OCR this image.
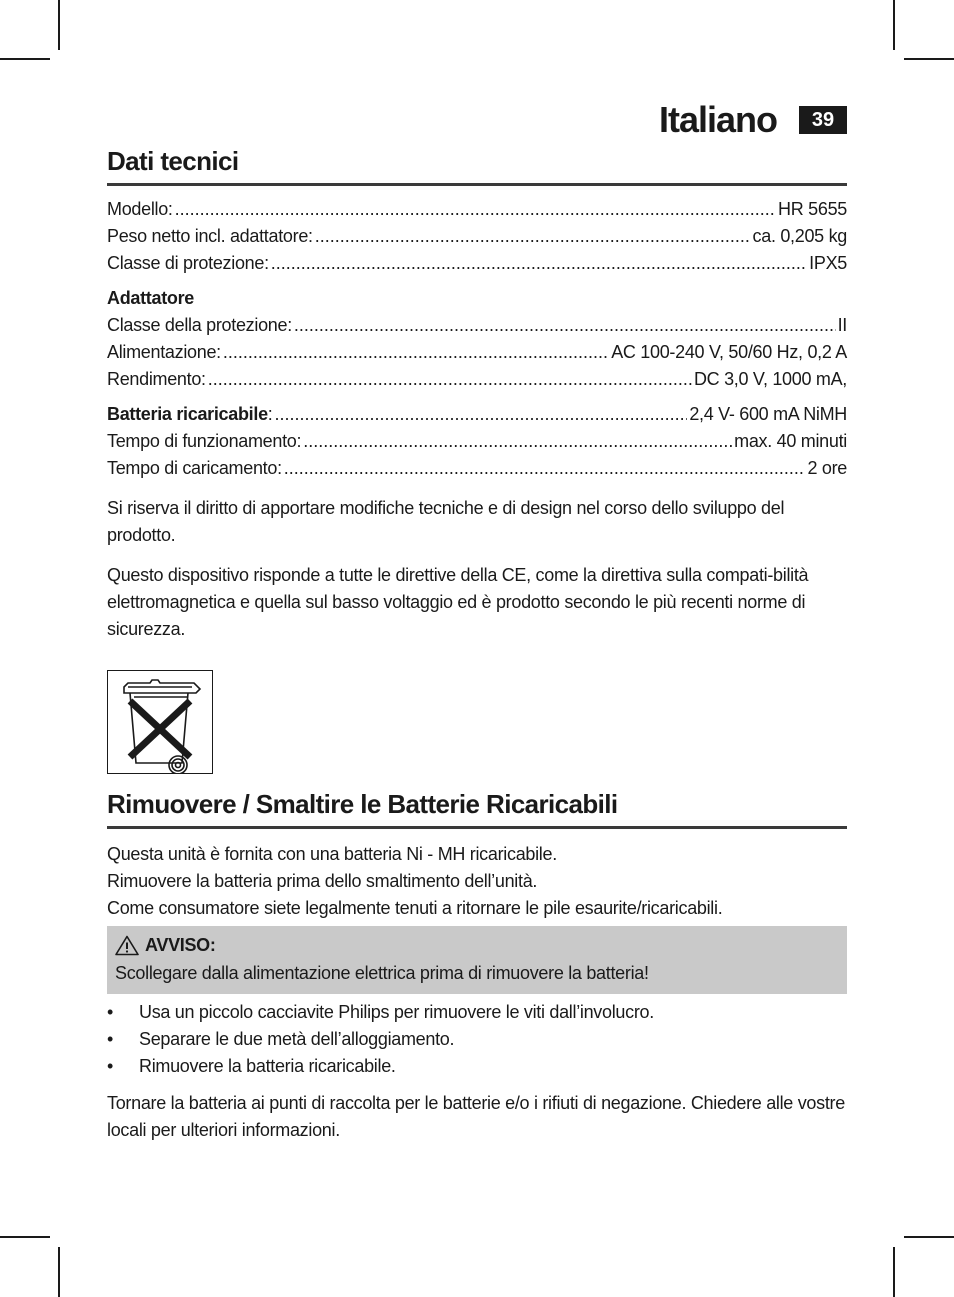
Italiano	39
Dati tecnici
Modello: .....	HR 5655
Peso netto incl. adattatore: .....	ca. 0,205 kg
Classe di protezione: .....	IPX5
Adattatore
Classe della protezione: .....	II
Alimentazione: .....	AC 100-240 V, 50/60 Hz, 0,2 A
Rendimento: .....	DC 3,0 V, 1000 mA,
Batteria ricaricabile: .....	2,4 V- 600 mA NiMH
Tempo di funzionamento: .....	max. 40 minuti
Tempo di caricamento: .....	2 ore
Si riserva il diritto di apportare modifiche tecniche e di design nel corso dello sviluppo del prodotto.
Questo dispositivo risponde a tutte le direttive della CE, come la direttiva sulla compati-bilità elettromagnetica e quella sul basso voltaggio ed è prodotto secondo le più recenti norme di sicurezza.
Rimuovere / Smaltire le Batterie Ricaricabili
Questa unità è fornita con una batteria Ni - MH ricaricabile.
Rimuovere la batteria prima dello smaltimento dell’unità.
Come consumatore siete legalmente tenuti a ritornare le pile esaurite/ricaricabili.
AVVISO:
Scollegare dalla alimentazione elettrica prima di rimuovere la batteria!
• Usa un piccolo cacciavite Philips per rimuovere le viti dall’involucro.
• Separare le due metà dell’alloggiamento.
• Rimuovere la batteria ricaricabile.
Tornare la batteria ai punti di raccolta per le batterie e/o i rifiuti di negazione. Chiedere alle vostre locali per ulteriori informazioni.
